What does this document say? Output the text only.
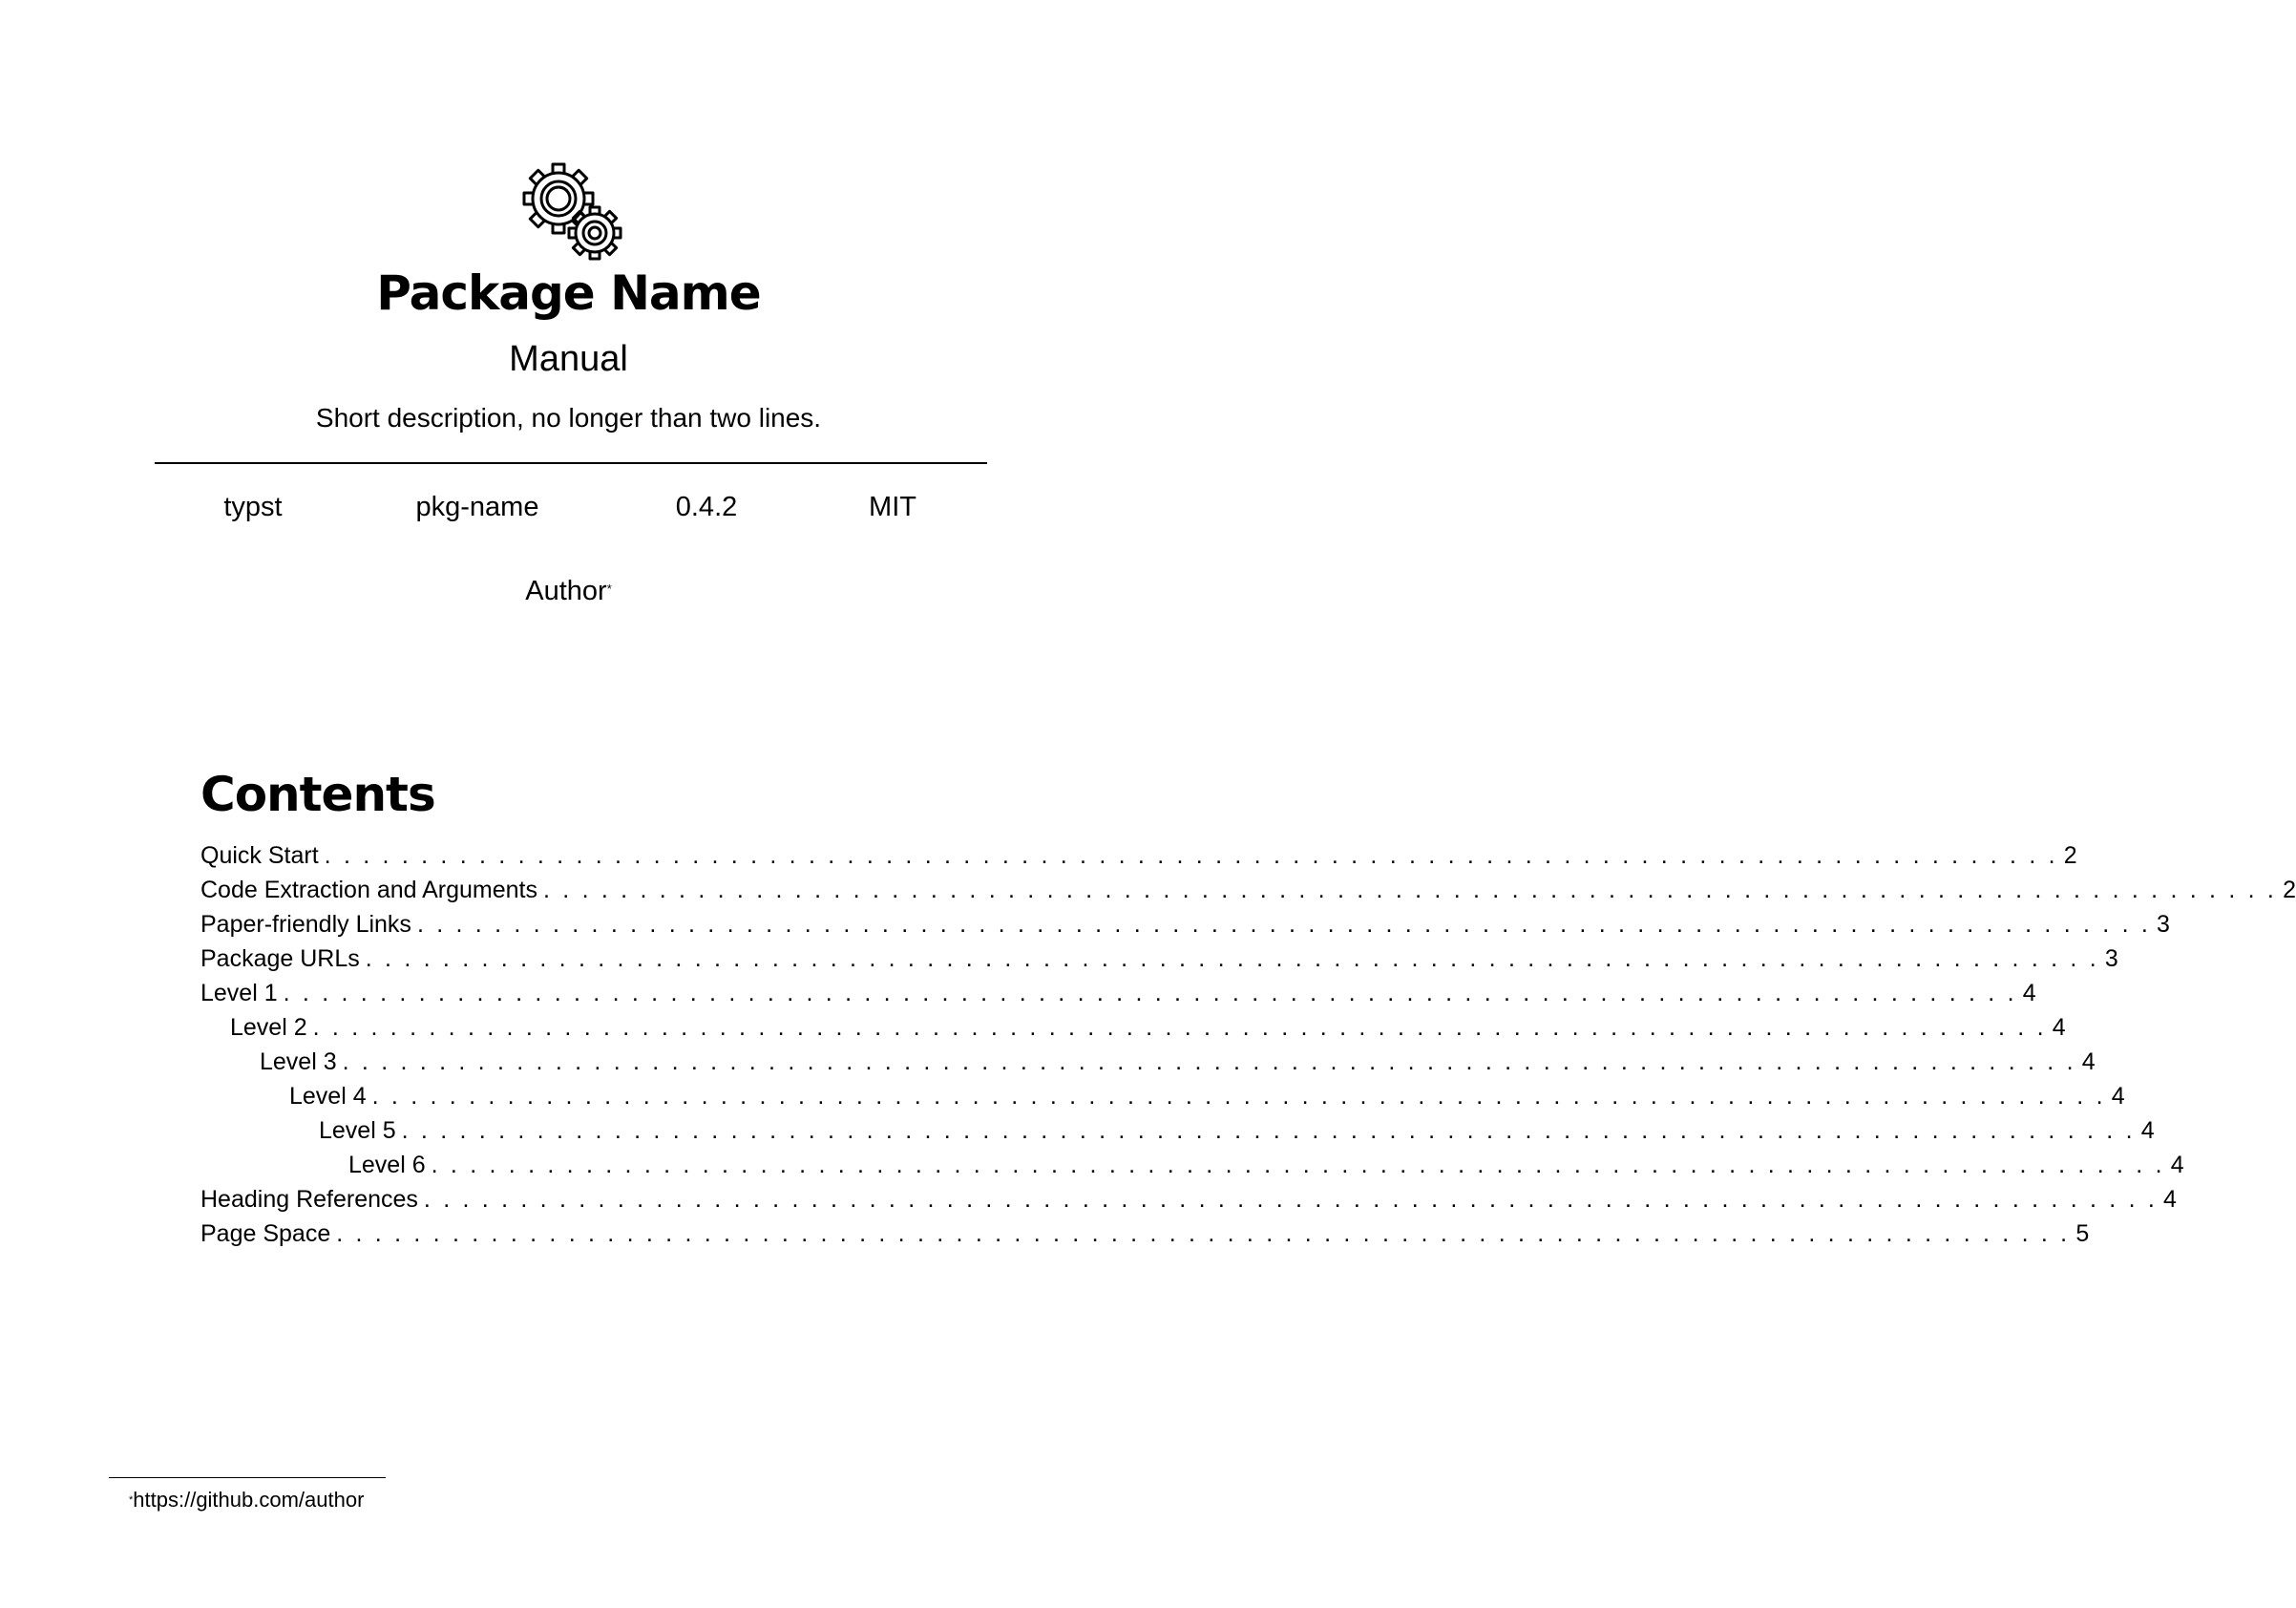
Package Name
Manual
Short description, no longer than two lines.
typst	pkg-name	0.4.2	MIT
Author*
Contents
Quick Start . . . . . . . . . . . . . . . . . . . . . . . . . . . . . . . . . . . . . . . . . . . . . . . . . . . . . . . . . . . . . . . . . . . . . . . . . . . . . . . . . . . . . . . . . . 2
Code Extraction and Arguments . . . . . . . . . . . . . . . . . . . . . . . . . . . . . . . . . . . . . . . . . . . . . . . . . . . . . . . . . . . . . . . . . . . . . . . . . . . . . . . . . . . . . . . . . . 2
Paper-friendly Links . . . . . . . . . . . . . . . . . . . . . . . . . . . . . . . . . . . . . . . . . . . . . . . . . . . . . . . . . . . . . . . . . . . . . . . . . . . . . . . . . . . . . . . . . . 3
Package URLs . . . . . . . . . . . . . . . . . . . . . . . . . . . . . . . . . . . . . . . . . . . . . . . . . . . . . . . . . . . . . . . . . . . . . . . . . . . . . . . . . . . . . . . . . . 3
Level 1 . . . . . . . . . . . . . . . . . . . . . . . . . . . . . . . . . . . . . . . . . . . . . . . . . . . . . . . . . . . . . . . . . . . . . . . . . . . . . . . . . . . . . . . . . . 4
Level 2 . . . . . . . . . . . . . . . . . . . . . . . . . . . . . . . . . . . . . . . . . . . . . . . . . . . . . . . . . . . . . . . . . . . . . . . . . . . . . . . . . . . . . . . . . . 4
Level 3 . . . . . . . . . . . . . . . . . . . . . . . . . . . . . . . . . . . . . . . . . . . . . . . . . . . . . . . . . . . . . . . . . . . . . . . . . . . . . . . . . . . . . . . . . . 4
Level 4 . . . . . . . . . . . . . . . . . . . . . . . . . . . . . . . . . . . . . . . . . . . . . . . . . . . . . . . . . . . . . . . . . . . . . . . . . . . . . . . . . . . . . . . . . . 4
Level 5 . . . . . . . . . . . . . . . . . . . . . . . . . . . . . . . . . . . . . . . . . . . . . . . . . . . . . . . . . . . . . . . . . . . . . . . . . . . . . . . . . . . . . . . . . . 4
Level 6 . . . . . . . . . . . . . . . . . . . . . . . . . . . . . . . . . . . . . . . . . . . . . . . . . . . . . . . . . . . . . . . . . . . . . . . . . . . . . . . . . . . . . . . . . . 4
Heading References . . . . . . . . . . . . . . . . . . . . . . . . . . . . . . . . . . . . . . . . . . . . . . . . . . . . . . . . . . . . . . . . . . . . . . . . . . . . . . . . . . . . . . . . . . 4
Page Space . . . . . . . . . . . . . . . . . . . . . . . . . . . . . . . . . . . . . . . . . . . . . . . . . . . . . . . . . . . . . . . . . . . . . . . . . . . . . . . . . . . . . . . . . . 5
*https://github.com/author
